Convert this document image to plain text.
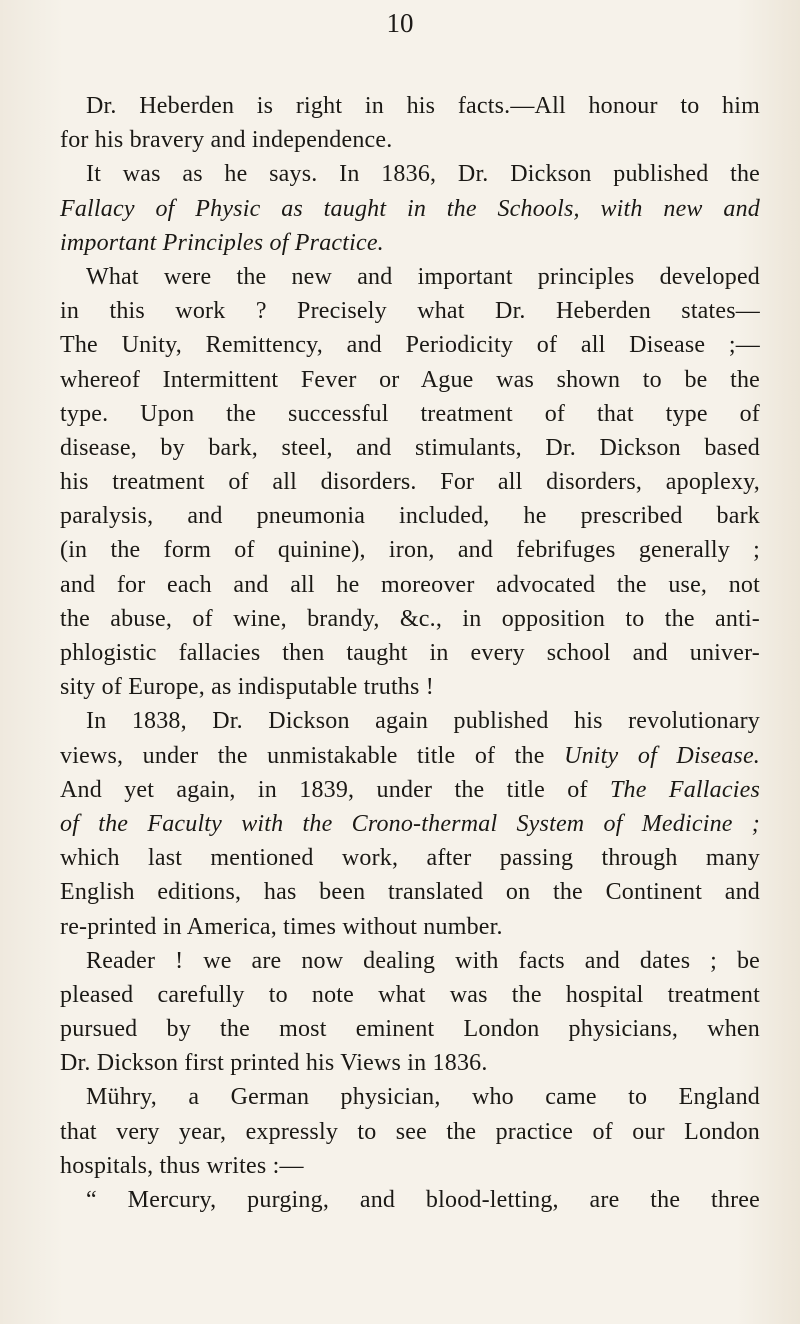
10
Dr. Heberden is right in his facts.—All honour to him
for his bravery and independence.
It was as he says. In 1836, Dr. Dickson published the
Fallacy of Physic as taught in the Schools, with new and
important Principles of Practice.
What were the new and important principles developed
in this work ? Precisely what Dr. Heberden states—
The Unity, Remittency, and Periodicity of all Disease ;—
whereof Intermittent Fever or Ague was shown to be the
type. Upon the successful treatment of that type of
disease, by bark, steel, and stimulants, Dr. Dickson based
his treatment of all disorders. For all disorders, apoplexy,
paralysis, and pneumonia included, he prescribed bark
(in the form of quinine), iron, and febrifuges generally ;
and for each and all he moreover advocated the use, not
the abuse, of wine, brandy, &c., in opposition to the anti-
phlogistic fallacies then taught in every school and univer-
sity of Europe, as indisputable truths !
In 1838, Dr. Dickson again published his revolutionary
views, under the unmistakable title of the Unity of Disease.
And yet again, in 1839, under the title of The Fallacies
of the Faculty with the Crono-thermal System of Medicine ;
which last mentioned work, after passing through many
English editions, has been translated on the Continent and
re-printed in America, times without number.
Reader ! we are now dealing with facts and dates ; be
pleased carefully to note what was the hospital treatment
pursued by the most eminent London physicians, when
Dr. Dickson first printed his Views in 1836.
Mühry, a German physician, who came to England
that very year, expressly to see the practice of our London
hospitals, thus writes :—
“ Mercury, purging, and blood-letting, are the three
